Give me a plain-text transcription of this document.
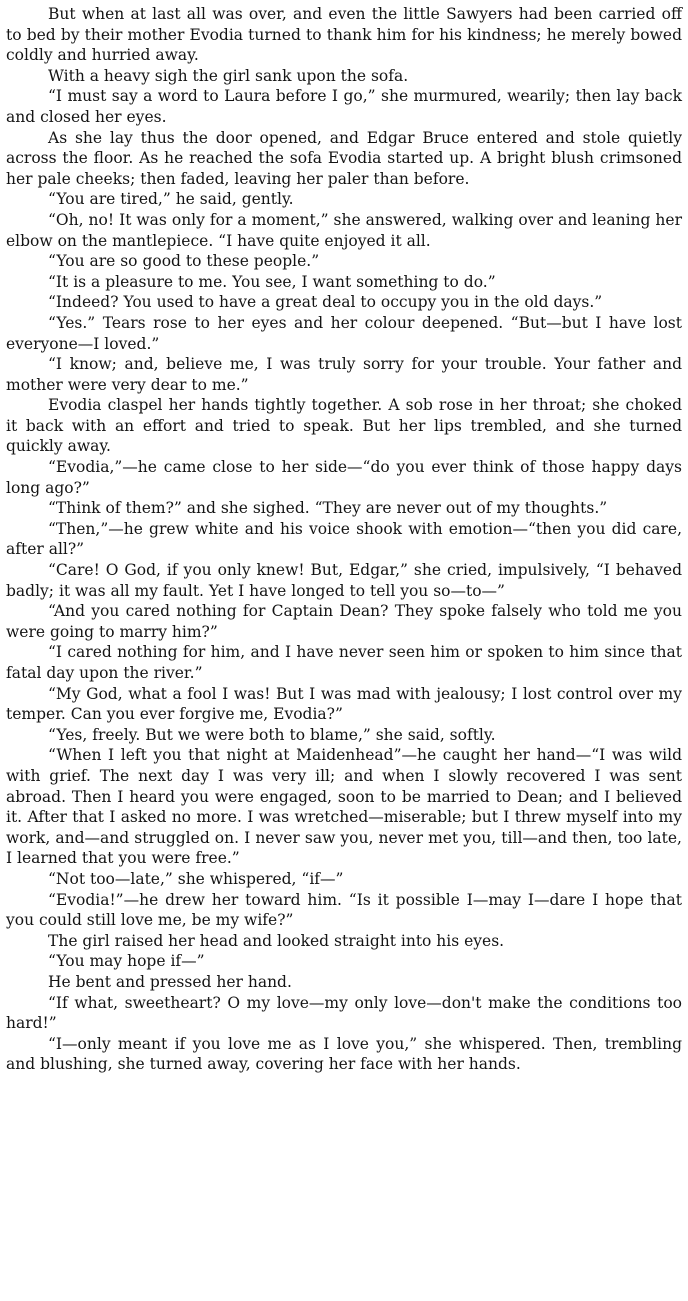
But when at last all was over, and even the little Sawyers had been carried off to bed by their mother Evodia turned to thank him for his kindness; he merely bowed coldly and hurried away.

With a heavy sigh the girl sank upon the sofa.

“I must say a word to Laura before I go,” she murmured, wearily; then lay back and closed her eyes.

As she lay thus the door opened, and Edgar Bruce entered and stole quietly across the floor. As he reached the sofa Evodia started up. A bright blush crimsoned her pale cheeks; then faded, leaving her paler than before.

“You are tired,” he said, gently.

“Oh, no! It was only for a moment,” she answered, walking over and leaning her elbow on the mantlepiece. “I have quite enjoyed it all.

“You are so good to these people.”

“It is a pleasure to me. You see, I want something to do.”

“Indeed? You used to have a great deal to occupy you in the old days.”

“Yes.” Tears rose to her eyes and her colour deepened. “But—but I have lost everyone—I loved.”

“I know; and, believe me, I was truly sorry for your trouble. Your father and mother were very dear to me.”

Evodia claspel her hands tightly together. A sob rose in her throat; she choked it back with an effort and tried to speak. But her lips trembled, and she turned quickly away.

“Evodia,”—he came close to her side—“do you ever think of those happy days long ago?”

“Think of them?” and she sighed. “They are never out of my thoughts.”

“Then,”—he grew white and his voice shook with emotion—“then you did care, after all?”

“Care! O God, if you only knew! But, Edgar,” she cried, impulsively, “I behaved badly; it was all my fault. Yet I have longed to tell you so—to—”

“And you cared nothing for Captain Dean? They spoke falsely who told me you were going to marry him?”

“I cared nothing for him, and I have never seen him or spoken to him since that fatal day upon the river.”

“My God, what a fool I was! But I was mad with jealousy; I lost control over my temper. Can you ever forgive me, Evodia?”

“Yes, freely. But we were both to blame,” she said, softly.

“When I left you that night at Maidenhead”—he caught her hand—“I was wild with grief. The next day I was very ill; and when I slowly recovered I was sent abroad. Then I heard you were engaged, soon to be married to Dean; and I believed it. After that I asked no more. I was wretched—miserable; but I threw myself into my work, and—and struggled on. I never saw you, never met you, till—and then, too late, I learned that you were free.”

“Not too—late,” she whispered, “if—”

“Evodia!”—he drew her toward him. “Is it possible I—may I—dare I hope that you could still love me, be my wife?”

The girl raised her head and looked straight into his eyes.

“You may hope if—”

He bent and pressed her hand.

“If what, sweetheart? O my love—my only love—don't make the conditions too hard!”

“I—only meant if you love me as I love you,” she whispered. Then, trembling and blushing, she turned away, covering her face with her hands.
